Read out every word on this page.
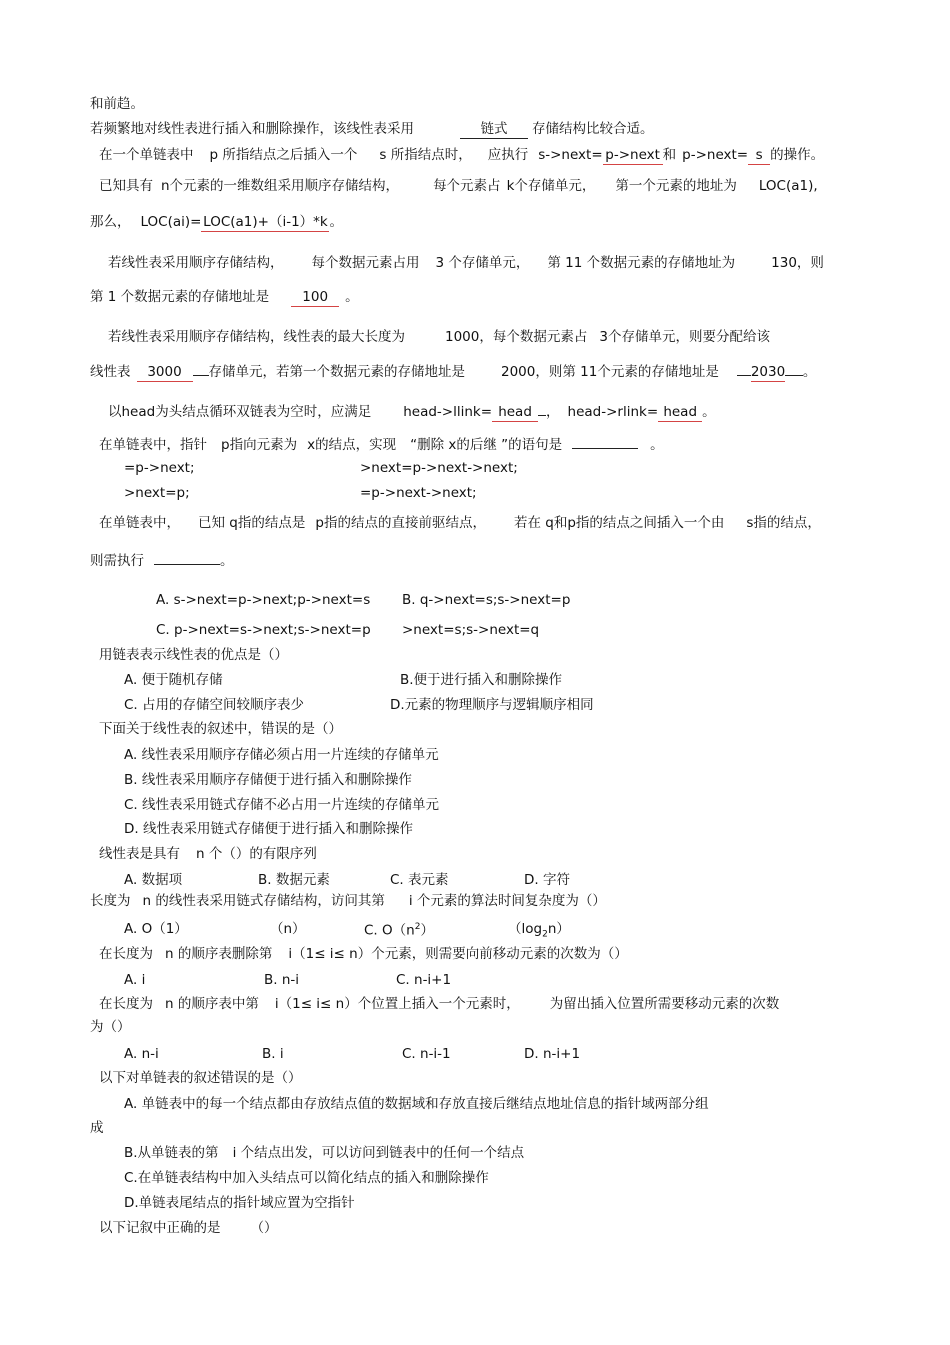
和前趋。
若频繁地对线性表进行插入和删除操作，该线性表采用	链式 存储结构比较合适。
在一个单链表中 p 所指结点之后插入一个 s 所指结点时， 应执行 s->next= p->next 和 p->next= s 的操作。
已知具有 n个元素的一维数组采用顺序存储结构，	每个元素占 k个存储单元， 第一个元素的地址为 LOC(a1),
那么， LOC(ai)= LOC(a1)+（i-1）*k 。
若线性表采用顺序存储结构， 每个数据元素占用 3 个存储单元， 第 11 个数据元素的存储地址为	130，则
第 1 个数据元素的存储地址是 100 。
若线性表采用顺序存储结构，线性表的最大长度为	1000，每个数据元素占 3个存储单元，则要分配给该
线性表 3000 存储单元，若第一个数据元素的存储地址是	2000，则第 11个元素的存储地址是 2030 。
以head为头结点循环双链表为空时，应满足 head->llink= head ， head->rlink= head 。
在单链表中，指针 p指向元素为 x的结点，实现 “删除 x的后继 ”的语句是	。
=p->next;	>next=p->next->next;
>next=p;	=p->next->next;
在单链表中， 已知 q指的结点是 p指的结点的直接前驱结点， 若在 q和p指的结点之间插入一个由 s指的结点，
则需执行	。
A. s->next=p->next;p->next=s B. q->next=s;s->next=p
C. p->next=s->next;s->next=p >next=s;s->next=q
用链表表示线性表的优点是（）
A. 便于随机存储	B.便于进行插入和删除操作
C. 占用的存储空间较顺序表少	D.元素的物理顺序与逻辑顺序相同
下面关于线性表的叙述中，错误的是（）
A. 线性表采用顺序存储必须占用一片连续的存储单元
B. 线性表采用顺序存储便于进行插入和删除操作
C. 线性表采用链式存储不必占用一片连续的存储单元
D. 线性表采用链式存储便于进行插入和删除操作
线性表是具有 n 个（）的有限序列
A. 数据项	B. 数据元素	C. 表元素	D. 字符
长度为 n 的线性表采用链式存储结构，访问其第 i 个元素的算法时间复杂度为（）
A. O（1）	（n）	C. $O(n^2)$	$(\log_2n)$
在长度为 n 的顺序表删除第 i（1≤ i≤ n）个元素，则需要向前移动元素的次数为（）
A. i	B. n-i	C. n-i+1
在长度为 n 的顺序表中第 i（1≤ i≤ n）个位置上插入一个元素时， 为留出插入位置所需要移动元素的次数
为（）
A. n-i	B. i	C. n-i-1	D. n-i+1
以下对单链表的叙述错误的是（）
A. 单链表中的每一个结点都由存放结点值的数据域和存放直接后继结点地址信息的指针域两部分组
成
B.从单链表的第 i 个结点出发，可以访问到链表中的任何一个结点
C.在单链表结构中加入头结点可以简化结点的插入和删除操作
D.单链表尾结点的指针域应置为空指针
以下记叙中正确的是 （）
